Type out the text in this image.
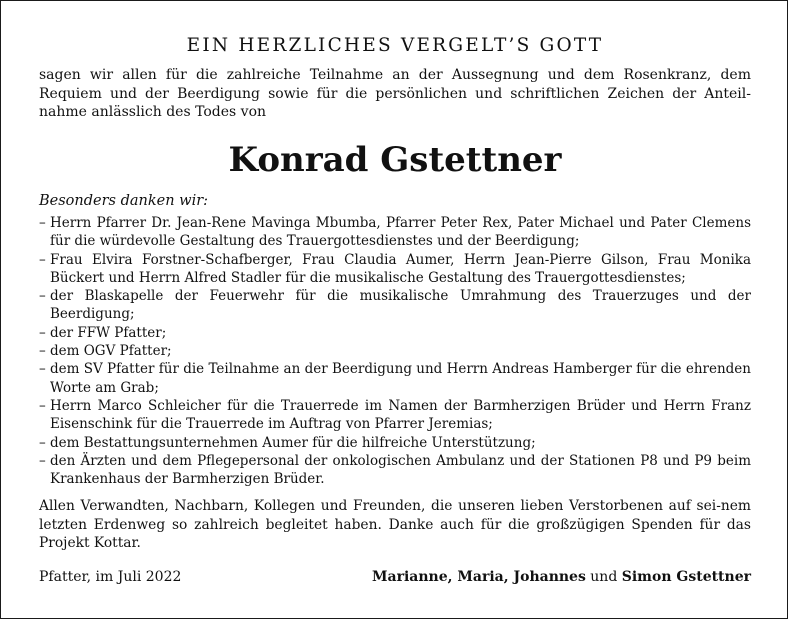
EIN HERZLICHES VERGELT’S GOTT

sagen wir allen für die zahlreiche Teilnahme an der Aussegnung und dem Rosenkranz, dem Requiem und der Beerdigung sowie für die persönlichen und schriftlichen Zeichen der Anteil-nahme anlässlich des Todes von

Konrad Gstettner

Besonders danken wir:

– Herrn Pfarrer Dr. Jean-Rene Mavinga Mbumba, Pfarrer Peter Rex, Pater Michael und Pater Clemens für die würdevolle Gestaltung des Trauergottesdienstes und der Beerdigung;
– Frau Elvira Forstner-Schafberger, Frau Claudia Aumer, Herrn Jean-Pierre Gilson, Frau Monika Bückert und Herrn Alfred Stadler für die musikalische Gestaltung des Trauergottesdienstes;
– der Blaskapelle der Feuerwehr für die musikalische Umrahmung des Trauerzuges und der Beerdigung;
– der FFW Pfatter;
– dem OGV Pfatter;
– dem SV Pfatter für die Teilnahme an der Beerdigung und Herrn Andreas Hamberger für die ehrenden Worte am Grab;
– Herrn Marco Schleicher für die Trauerrede im Namen der Barmherzigen Brüder und Herrn Franz Eisenschink für die Trauerrede im Auftrag von Pfarrer Jeremias;
– dem Bestattungsunternehmen Aumer für die hilfreiche Unterstützung;
– den Ärzten und dem Pflegepersonal der onkologischen Ambulanz und der Stationen P8 und P9 beim Krankenhaus der Barmherzigen Brüder.

Allen Verwandten, Nachbarn, Kollegen und Freunden, die unseren lieben Verstorbenen auf sei-nem letzten Erdenweg so zahlreich begleitet haben. Danke auch für die großzügigen Spenden für das Projekt Kottar.

Pfatter, im Juli 2022	Marianne, Maria, Johannes und Simon Gstettner
